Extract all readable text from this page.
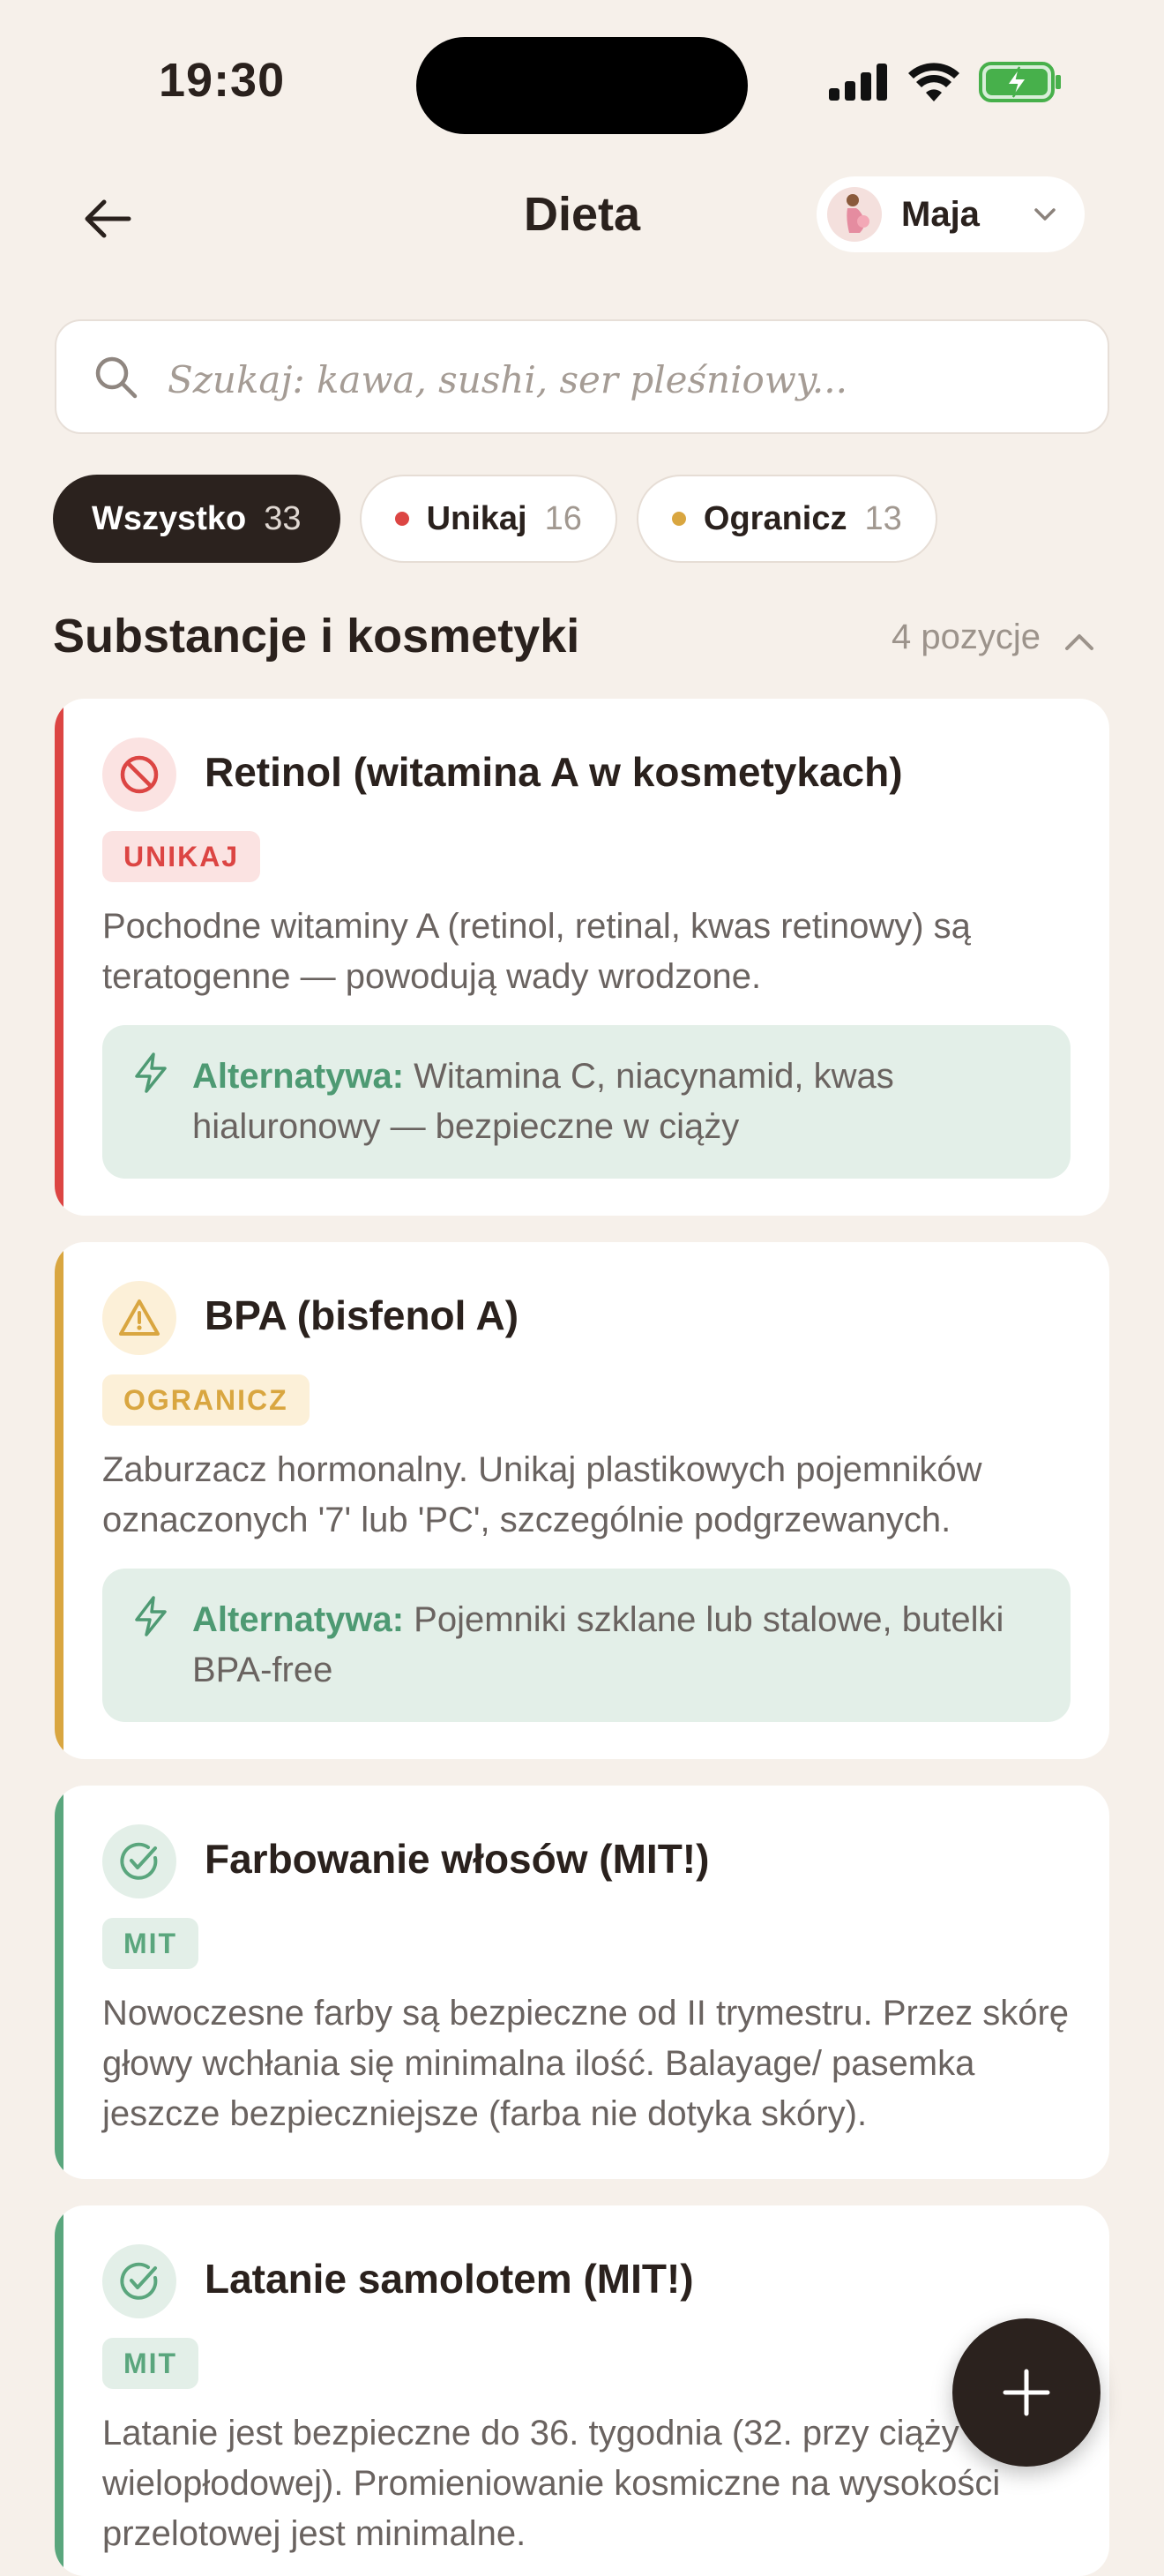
19:30
Dieta	Maja
Szukaj: kawa, sushi, ser pleśniowy...
Wszystko 33	Unikaj 16	Ogranicz 13
Substancje i kosmetyki	4 pozycje
Retinol (witamina A w kosmetykach)
UNIKAJ
Pochodne witaminy A (retinol, retinal, kwas retinowy) są teratogenne — powodują wady wrodzone.
Alternatywa: Witamina C, niacynamid, kwas hialuronowy — bezpieczne w ciąży
BPA (bisfenol A)
OGRANICZ
Zaburzacz hormonalny. Unikaj plastikowych pojemników oznaczonych '7' lub 'PC', szczególnie podgrzewanych.
Alternatywa: Pojemniki szklane lub stalowe, butelki BPA-free
Farbowanie włosów (MIT!)
MIT
Nowoczesne farby są bezpieczne od II trymestru. Przez skórę głowy wchłania się minimalna ilość. Balayage/ pasemka jeszcze bezpieczniejsze (farba nie dotyka skóry).
Latanie samolotem (MIT!)
MIT
Latanie jest bezpieczne do 36. tygodnia (32. przy ciąży wielopłodowej). Promieniowanie kosmiczne na wysokości przelotowej jest minimalne.
